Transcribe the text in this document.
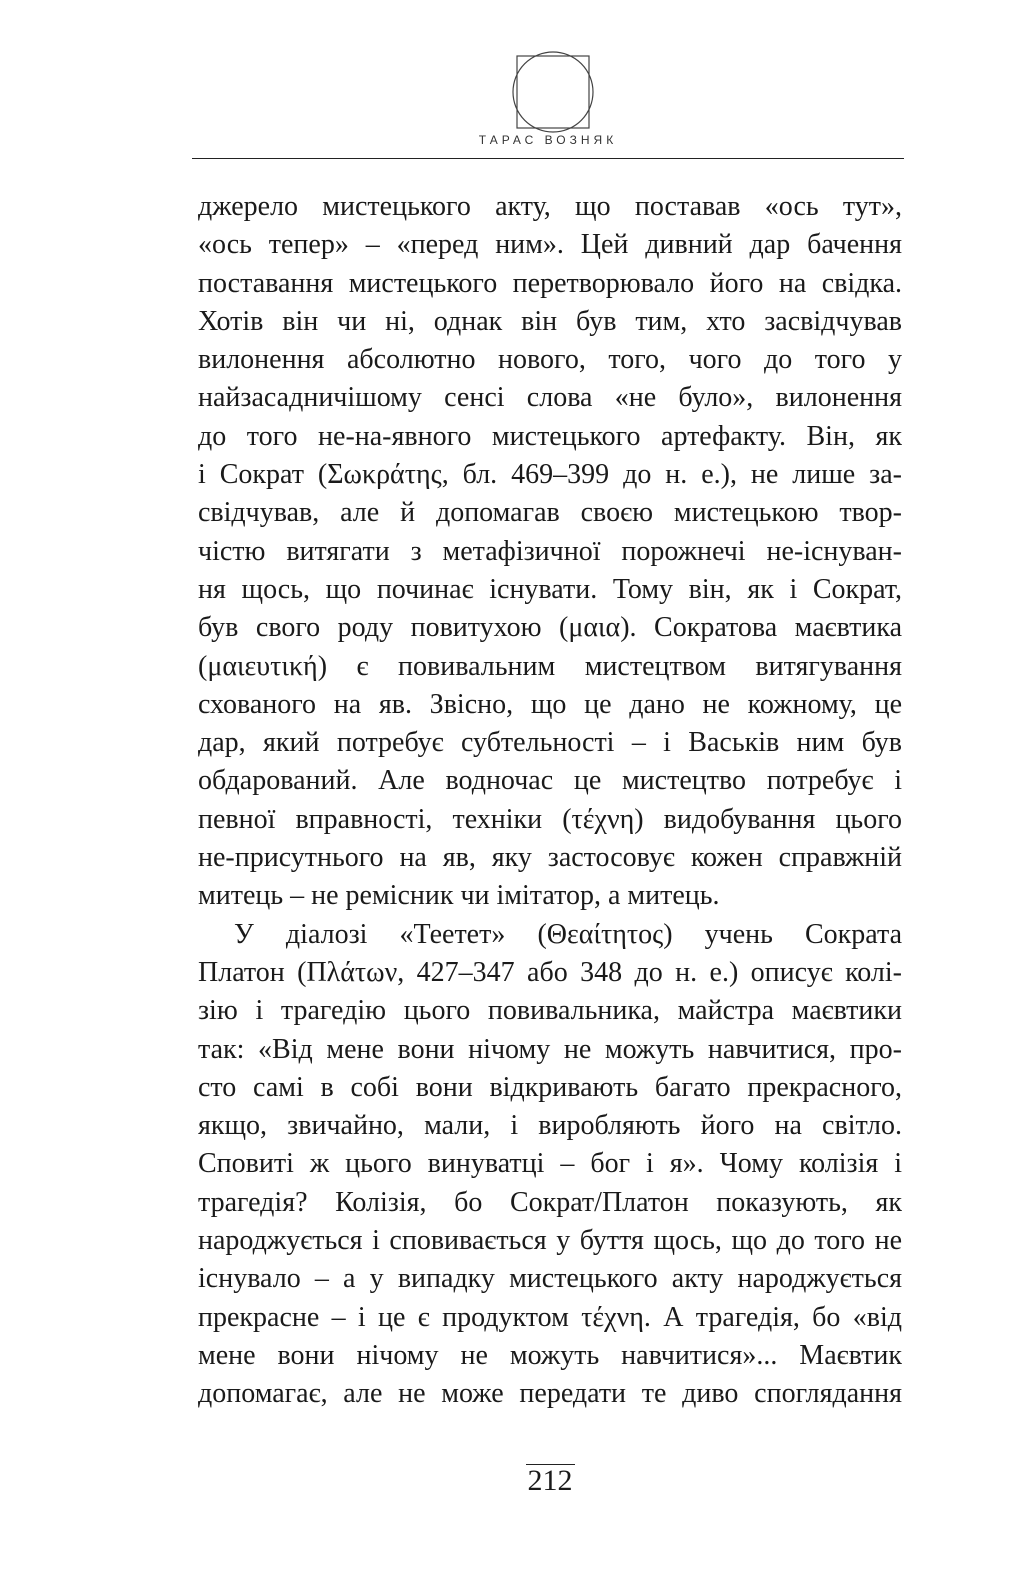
ТАРАС ВОЗНЯК
джерело мистецького акту, що поставав «ось тут»,
«ось тепер» – «перед ним». Цей дивний дар бачення
поставання мистецького перетворювало його на свідка.
Хотів він чи ні, однак він був тим, хто засвідчував
вилонення абсолютно нового, того, чого до того у
найзасадничішому сенсі слова «не було», вилонення
до того не-на-явного мистецького артефакту. Він, як
і Сократ (Σωκράτης, бл. 469–399 до н. е.), не лише за-
свідчував, але й допомагав своєю мистецькою твор-
чістю витягати з метафізичної порожнечі не-існуван-
ня щось, що починає існувати. Тому він, як і Сократ,
був свого роду повитухою (μαια). Сократова маєвтика
(μαιευτική) є повивальним мистецтвом витягування
схованого на яв. Звісно, що це дано не кожному, це
дар, який потребує субтельності – і Васьків ним був
обдарований. Але водночас це мистецтво потребує і
певної вправності, техніки (τέχνη) видобування цього
не-присутнього на яв, яку застосовує кожен справжній
митець – не ремісник чи імітатор, а митець.
У діалозі «Теетет» (Θεαίτητος) учень Сократа
Платон (Πλάτων, 427–347 або 348 до н. е.) описує колі-
зію і трагедію цього повивальника, майстра маєвтики
так: «Від мене вони нічому не можуть навчитися, про-
сто самі в собі вони відкривають багато прекрасного,
якщо, звичайно, мали, і виробляють його на світло.
Сповиті ж цього винуватці – бог і я». Чому колізія і
трагедія? Колізія, бо Сократ/Платон показують, як
народжується і сповивається у буття щось, що до того не
існувало – а у випадку мистецького акту народжується
прекрасне – і це є продуктом τέχνη. А трагедія, бо «від
мене вони нічому не можуть навчитися»... Маєвтик
допомагає, але не може передати те диво споглядання
212
